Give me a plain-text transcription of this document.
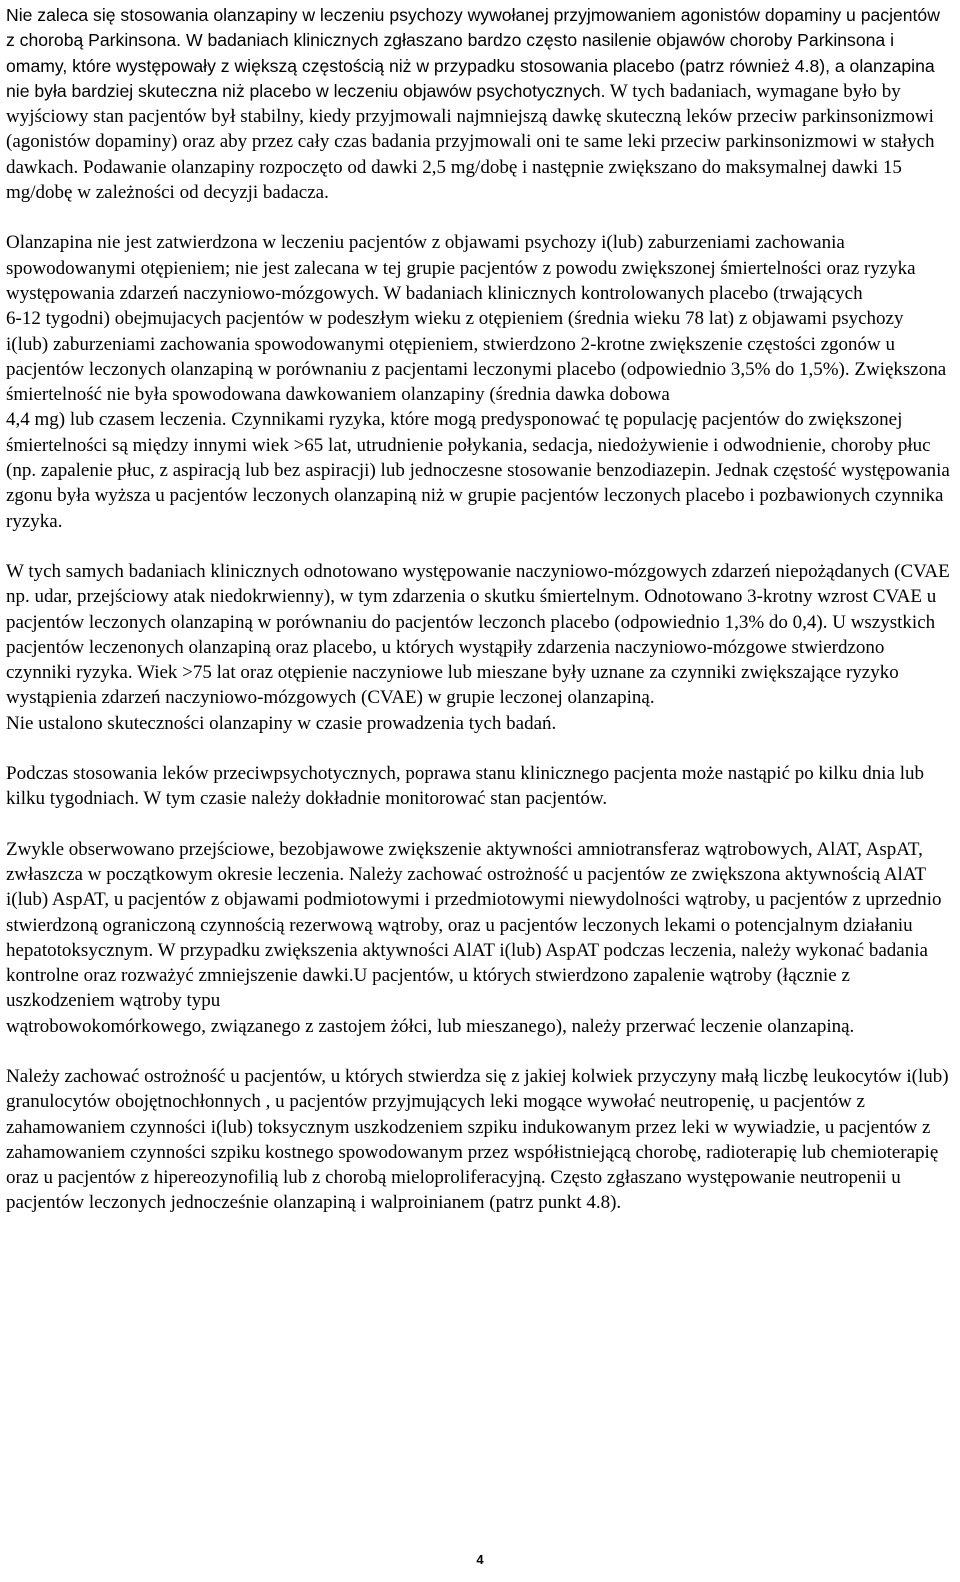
Nie zaleca się stosowania olanzapiny w leczeniu psychozy wywołanej przyjmowaniem agonistów dopaminy u pacjentów z chorobą Parkinsona. W badaniach klinicznych zgłaszano bardzo często nasilenie objawów choroby Parkinsona i omamy, które występowały z większą częstością niż w przypadku stosowania placebo (patrz również 4.8), a olanzapina nie była bardziej skuteczna niż placebo w leczeniu objawów psychotycznych. W tych badaniach, wymagane było by wyjściowy stan pacjentów był stabilny, kiedy przyjmowali najmniejszą dawkę skuteczną leków przeciw parkinsonizmowi (agonistów dopaminy) oraz aby przez cały czas badania przyjmowali oni te same leki przeciw parkinsonizmowi w stałych dawkach. Podawanie olanzapiny rozpoczęto od dawki 2,5 mg/dobę i następnie zwiększano do maksymalnej dawki 15 mg/dobę w zależności od decyzji badacza.

Olanzapina nie jest zatwierdzona w leczeniu pacjentów z objawami psychozy i(lub) zaburzeniami zachowania spowodowanymi otępieniem; nie jest zalecana w tej grupie pacjentów z powodu zwiększonej śmiertelności oraz ryzyka występowania zdarzeń naczyniowo-mózgowych. W badaniach klinicznych kontrolowanych placebo (trwających
6-12 tygodni) obejmujacych pacjentów w podeszłym wieku z otępieniem (średnia wieku 78 lat) z objawami psychozy i(lub) zaburzeniami zachowania spowodowanymi otępieniem, stwierdzono 2-krotne zwiększenie częstości zgonów u pacjentów leczonych olanzapiną w porównaniu z pacjentami leczonymi placebo (odpowiednio 3,5% do 1,5%). Zwiększona śmiertelność nie była spowodowana dawkowaniem olanzapiny (średnia dawka dobowa
4,4 mg) lub czasem leczenia. Czynnikami ryzyka, które mogą predysponować tę populację pacjentów do zwiększonej śmiertelności są między innymi wiek >65 lat, utrudnienie połykania, sedacja, niedożywienie i odwodnienie, choroby płuc (np. zapalenie płuc, z aspiracją lub bez aspiracji) lub jednoczesne stosowanie benzodiazepin. Jednak częstość występowania zgonu była wyższa u pacjentów leczonych olanzapiną niż w grupie pacjentów leczonych placebo i pozbawionych czynnika ryzyka.

W tych samych badaniach klinicznych odnotowano występowanie naczyniowo-mózgowych zdarzeń niepożądanych (CVAE np. udar, przejściowy atak niedokrwienny), w tym zdarzenia o skutku śmiertelnym. Odnotowano 3-krotny wzrost CVAE u pacjentów leczonych olanzapiną w porównaniu do pacjentów leczonch placebo (odpowiednio 1,3% do 0,4). U wszystkich pacjentów leczenonych olanzapiną oraz placebo, u których wystąpiły zdarzenia naczyniowo-mózgowe stwierdzono czynniki ryzyka. Wiek >75 lat oraz otępienie naczyniowe lub mieszane były uznane za czynniki zwiększające ryzyko wystąpienia zdarzeń naczyniowo-mózgowych (CVAE) w grupie leczonej olanzapiną.
Nie ustalono skuteczności olanzapiny w czasie prowadzenia tych badań.

Podczas stosowania leków przeciwpsychotycznych, poprawa stanu klinicznego pacjenta może nastąpić po kilku dnia lub kilku tygodniach. W tym czasie należy dokładnie monitorować stan pacjentów.

Zwykle obserwowano przejściowe, bezobjawowe zwiększenie aktywności amniotransferaz wątrobowych, AlAT, AspAT, zwłaszcza w początkowym okresie leczenia. Należy zachować ostrożność u pacjentów ze zwiększona aktywnością AlAT i(lub) AspAT, u pacjentów z objawami podmiotowymi i przedmiotowymi niewydolności wątroby, u pacjentów z uprzednio stwierdzoną ograniczoną czynnością rezerwową wątroby, oraz u pacjentów leczonych lekami o potencjalnym działaniu hepatotoksycznym. W przypadku zwiększenia aktywności AlAT i(lub) AspAT podczas leczenia, należy wykonać badania kontrolne oraz rozważyć zmniejszenie dawki.U pacjentów, u których stwierdzono zapalenie wątroby (łącznie z uszkodzeniem wątroby typu
wątrobowokomórkowego, związanego z zastojem żółci, lub mieszanego), należy przerwać leczenie olanzapiną.

Należy zachować ostrożność u pacjentów, u których stwierdza się z jakiej kolwiek przyczyny małą liczbę leukocytów i(lub) granulocytów obojętnochłonnych , u pacjentów przyjmujących leki mogące wywołać neutropenię, u pacjentów z zahamowaniem czynności i(lub) toksycznym uszkodzeniem szpiku indukowanym przez leki w wywiadzie, u pacjentów z zahamowaniem czynności szpiku kostnego spowodowanym przez współistniejącą chorobę, radioterapię lub chemioterapię oraz u pacjentów z hipereozynofilią lub z chorobą mieloproliferacyjną. Często zgłaszano występowanie neutropenii u pacjentów leczonych jednocześnie olanzapiną i walproinianem (patrz punkt 4.8).

4
